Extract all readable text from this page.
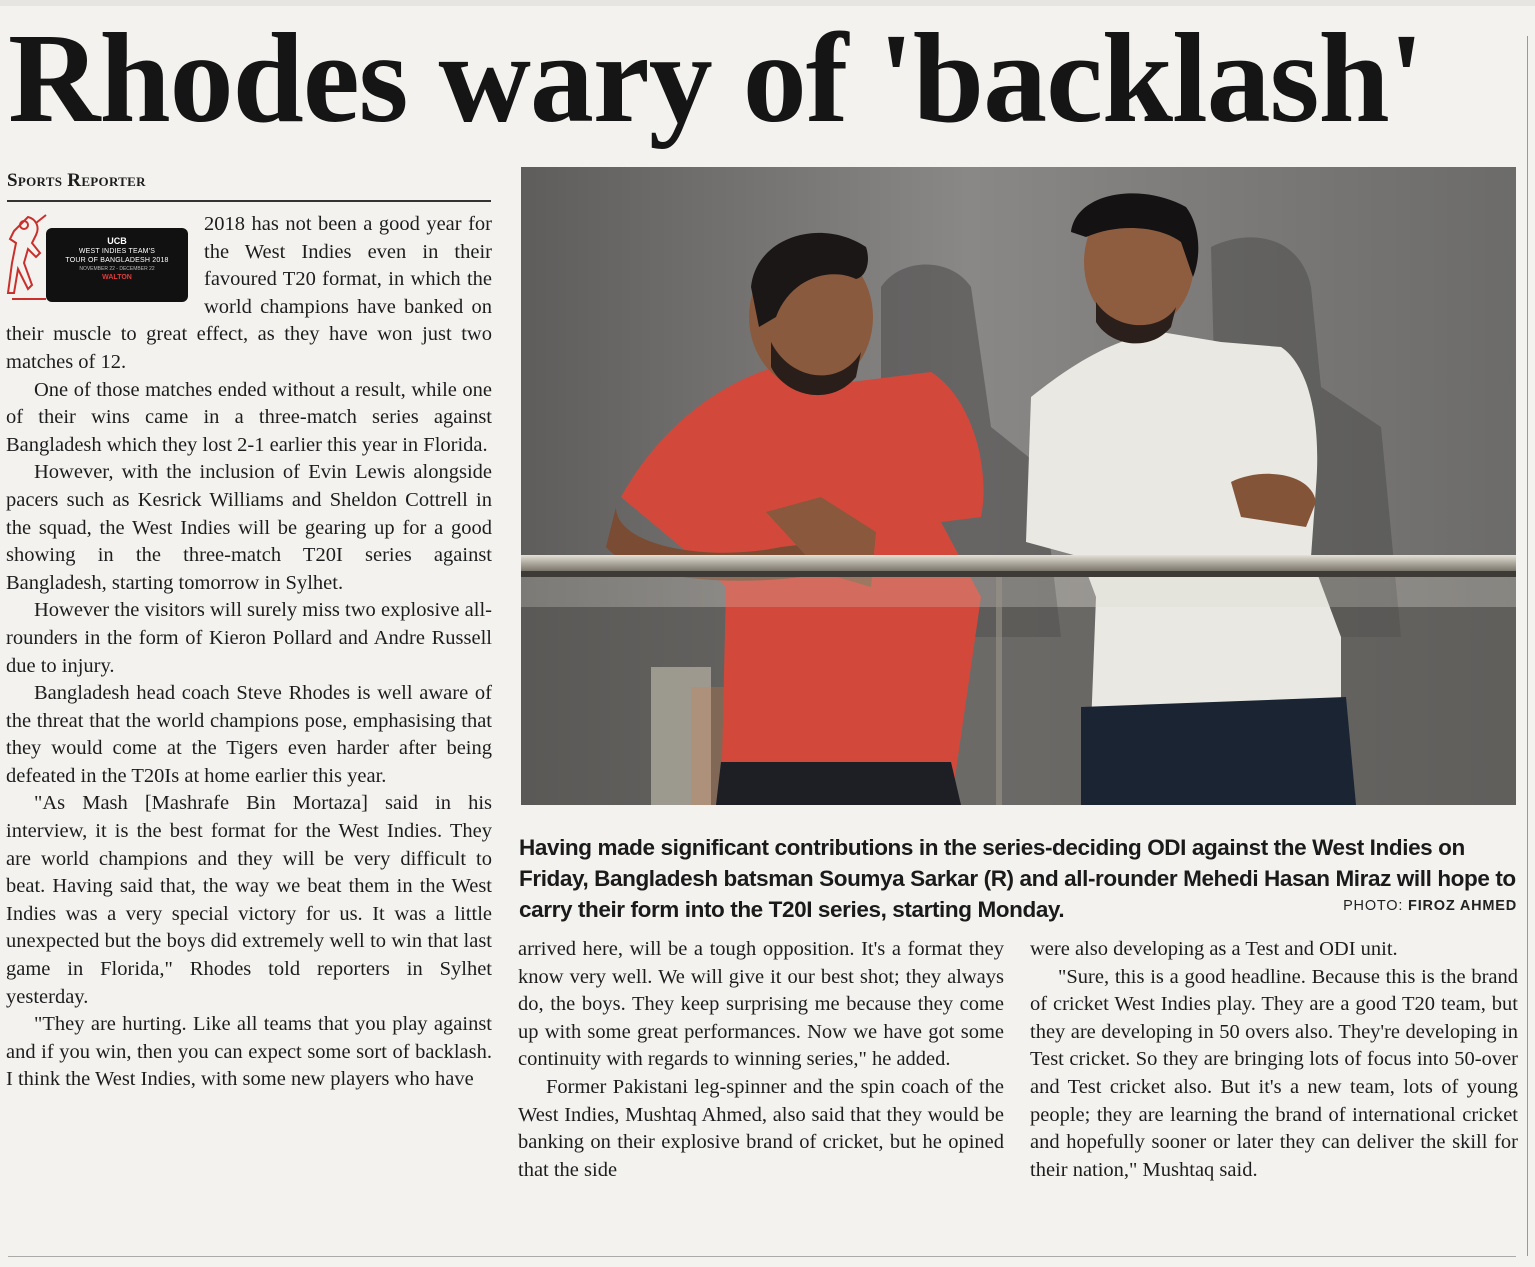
Rhodes wary of 'backlash'
Sports Reporter
UCB
WEST INDIES TEAM'S
TOUR OF BANGLADESH 2018
NOVEMBER 22 - DECEMBER 22
WALTON

2018 has not been a good year for the West Indies even in their favoured T20 format, in which the world champions have banked on their muscle to great effect, as they have won just two matches of 12.

One of those matches ended without a result, while one of their wins came in a three-match series against Bangladesh which they lost 2-1 earlier this year in Florida.

However, with the inclusion of Evin Lewis alongside pacers such as Kesrick Williams and Sheldon Cottrell in the squad, the West Indies will be gearing up for a good showing in the three-match T20I series against Bangladesh, starting tomorrow in Sylhet.

However the visitors will surely miss two explosive all-rounders in the form of Kieron Pollard and Andre Russell due to injury.

Bangladesh head coach Steve Rhodes is well aware of the threat that the world champions pose, emphasising that they would come at the Tigers even harder after being defeated in the T20Is at home earlier this year.

"As Mash [Mashrafe Bin Mortaza] said in his interview, it is the best format for the West Indies. They are world champions and they will be very difficult to beat. Having said that, the way we beat them in the West Indies was a very special victory for us. It was a little unexpected but the boys did extremely well to win that last game in Florida," Rhodes told reporters in Sylhet yesterday.

"They are hurting. Like all teams that you play against and if you win, then you can expect some sort of backlash. I think the West Indies, with some new players who have

Having made significant contributions in the series-deciding ODI against the West Indies on Friday, Bangladesh batsman Soumya Sarkar (R) and all-rounder Mehedi Hasan Miraz will hope to carry their form into the T20I series, starting Monday.	PHOTO: FIROZ AHMED

arrived here, will be a tough opposition. It's a format they know very well. We will give it our best shot; they always do, the boys. They keep surprising me because they come up with some great performances. Now we have got some continuity with regards to winning series," he added.

Former Pakistani leg-spinner and the spin coach of the West Indies, Mushtaq Ahmed, also said that they would be banking on their explosive brand of cricket, but he opined that the side

were also developing as a Test and ODI unit.

"Sure, this is a good headline. Because this is the brand of cricket West Indies play. They are a good T20 team, but they are developing in 50 overs also. They're developing in Test cricket. So they are bringing lots of focus into 50-over and Test cricket also. But it's a new team, lots of young people; they are learning the brand of international cricket and hopefully sooner or later they can deliver the skill for their nation," Mushtaq said.
